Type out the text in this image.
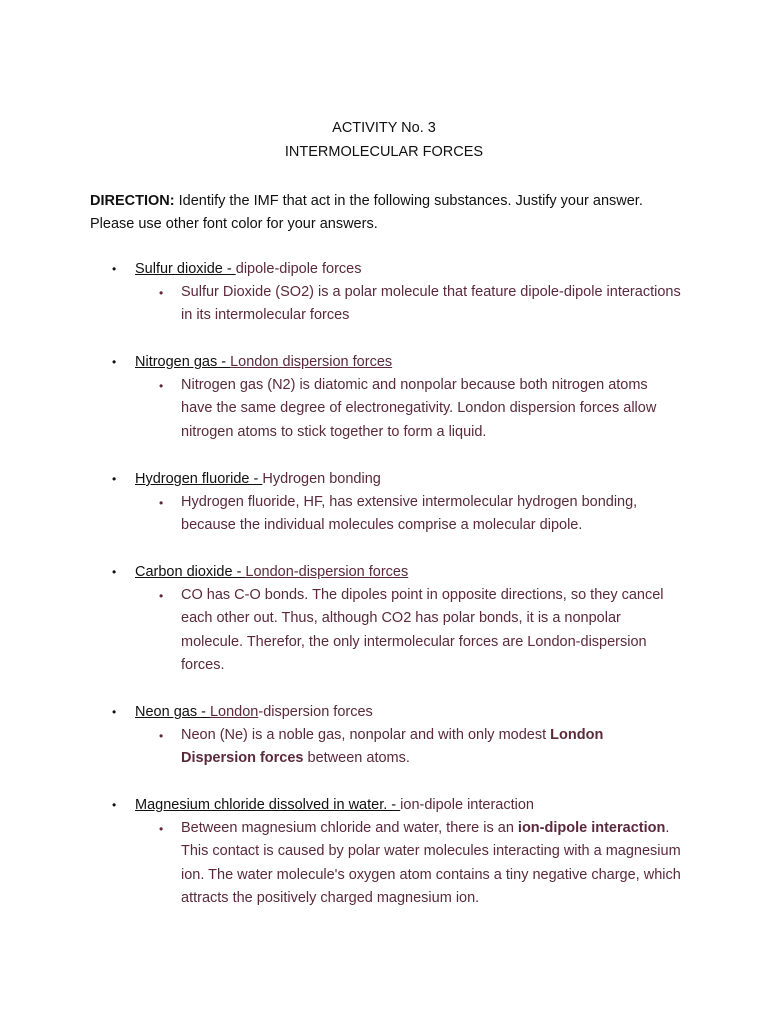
ACTIVITY No. 3
INTERMOLECULAR FORCES
DIRECTION: Identify the IMF that act in the following substances. Justify your answer. Please use other font color for your answers.
• Sulfur dioxide - dipole-dipole forces
• Sulfur Dioxide (SO2) is a polar molecule that feature dipole-dipole interactions in its intermolecular forces
• Nitrogen gas - London dispersion forces
• Nitrogen gas (N2) is diatomic and nonpolar because both nitrogen atoms have the same degree of electronegativity. London dispersion forces allow nitrogen atoms to stick together to form a liquid.
• Hydrogen fluoride - Hydrogen bonding
• Hydrogen fluoride, HF, has extensive intermolecular hydrogen bonding, because the individual molecules comprise a molecular dipole.
• Carbon dioxide - London-dispersion forces
• CO has C-O bonds. The dipoles point in opposite directions, so they cancel each other out. Thus, although CO2 has polar bonds, it is a nonpolar molecule. Therefor, the only intermolecular forces are London-dispersion forces.
• Neon gas - London-dispersion forces
• Neon (Ne) is a noble gas, nonpolar and with only modest London Dispersion forces between atoms.
• Magnesium chloride dissolved in water. - ion-dipole interaction
• Between magnesium chloride and water, there is an ion-dipole interaction. This contact is caused by polar water molecules interacting with a magnesium ion. The water molecule's oxygen atom contains a tiny negative charge, which attracts the positively charged magnesium ion.
